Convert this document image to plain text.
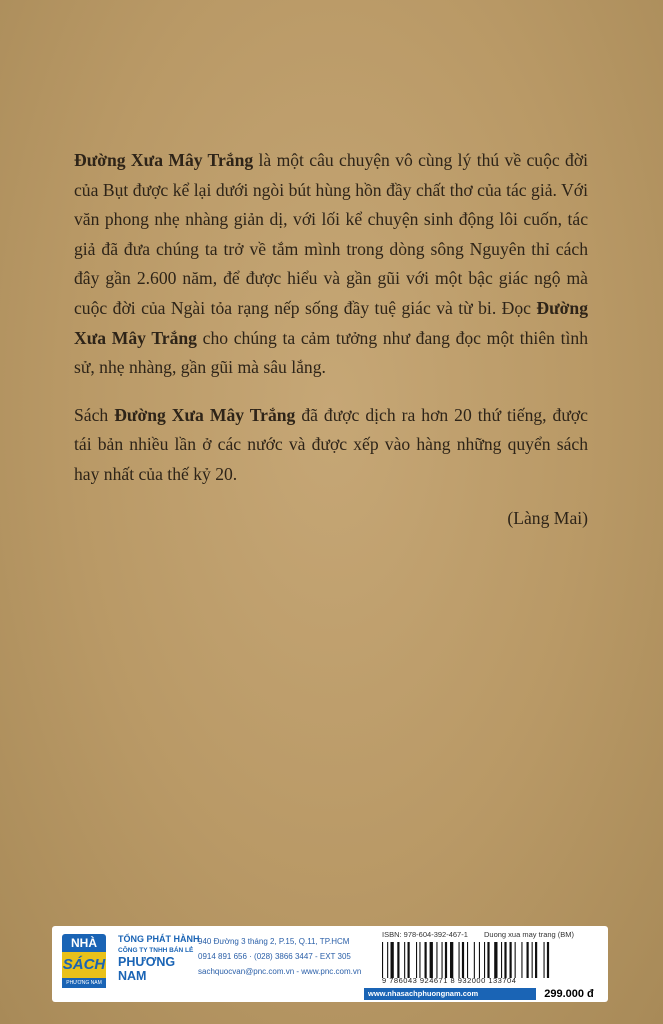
Đường Xưa Mây Trắng là một câu chuyện vô cùng lý thú về cuộc đời của Bụt được kể lại dưới ngòi bút hùng hồn đầy chất thơ của tác giả. Với văn phong nhẹ nhàng giản dị, với lối kể chuyện sinh động lôi cuốn, tác giả đã đưa chúng ta trở về tắm mình trong dòng sông Nguyên thỉ cách đây gần 2.600 năm, để được hiểu và gần gũi với một bậc giác ngộ mà cuộc đời của Ngài tỏa rạng nếp sống đầy tuệ giác và từ bi. Đọc Đường Xưa Mây Trắng cho chúng ta cảm tưởng như đang đọc một thiên tình sử, nhẹ nhàng, gần gũi mà sâu lắng.

Sách Đường Xưa Mây Trắng đã được dịch ra hơn 20 thứ tiếng, được tái bản nhiều lần ở các nước và được xếp vào hàng những quyển sách hay nhất của thế kỷ 20.

(Làng Mai)
NHÀ
SÁCH
PHƯƠNG NAM
TỔNG PHÁT HÀNH
CÔNG TY TNHH BÁN LẺ
PHƯƠNG NAM
940 Đường 3 tháng 2, P.15, Q.11, TP.HCM
0914 891 656 · (028) 3866 3447 - EXT 305
sachquocvan@pnc.com.vn - www.pnc.com.vn
ISBN: 978-604-392-467-1 Duong xua may trang (BM)
9 786043 924671 8 932000 133704
www.nhasachphuongnam.com	299.000 đ
